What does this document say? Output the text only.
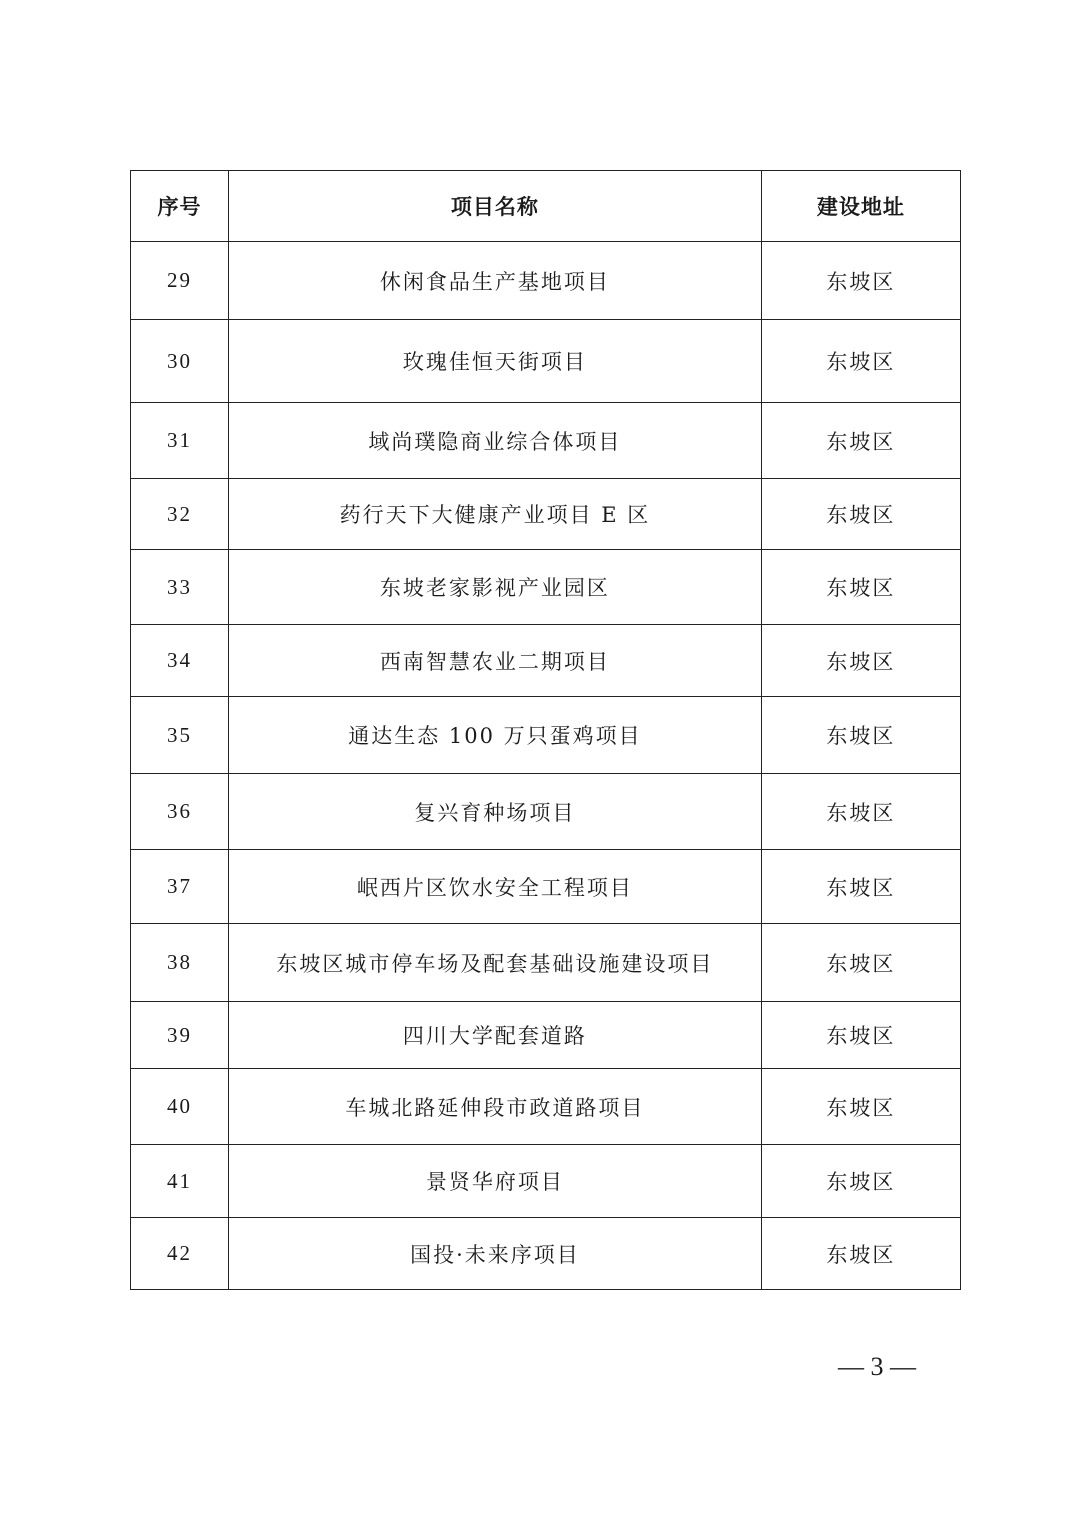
序号	项目名称	建设地址
29	休闲食品生产基地项目	东坡区
30	玫瑰佳恒天街项目	东坡区
31	域尚璞隐商业综合体项目	东坡区
32	药行天下大健康产业项目 E 区	东坡区
33	东坡老家影视产业园区	东坡区
34	西南智慧农业二期项目	东坡区
35	通达生态 100 万只蛋鸡项目	东坡区
36	复兴育种场项目	东坡区
37	岷西片区饮水安全工程项目	东坡区
38	东坡区城市停车场及配套基础设施建设项目	东坡区
39	四川大学配套道路	东坡区
40	车城北路延伸段市政道路项目	东坡区
41	景贤华府项目	东坡区
42	国投·未来序项目	东坡区
— 3 —
